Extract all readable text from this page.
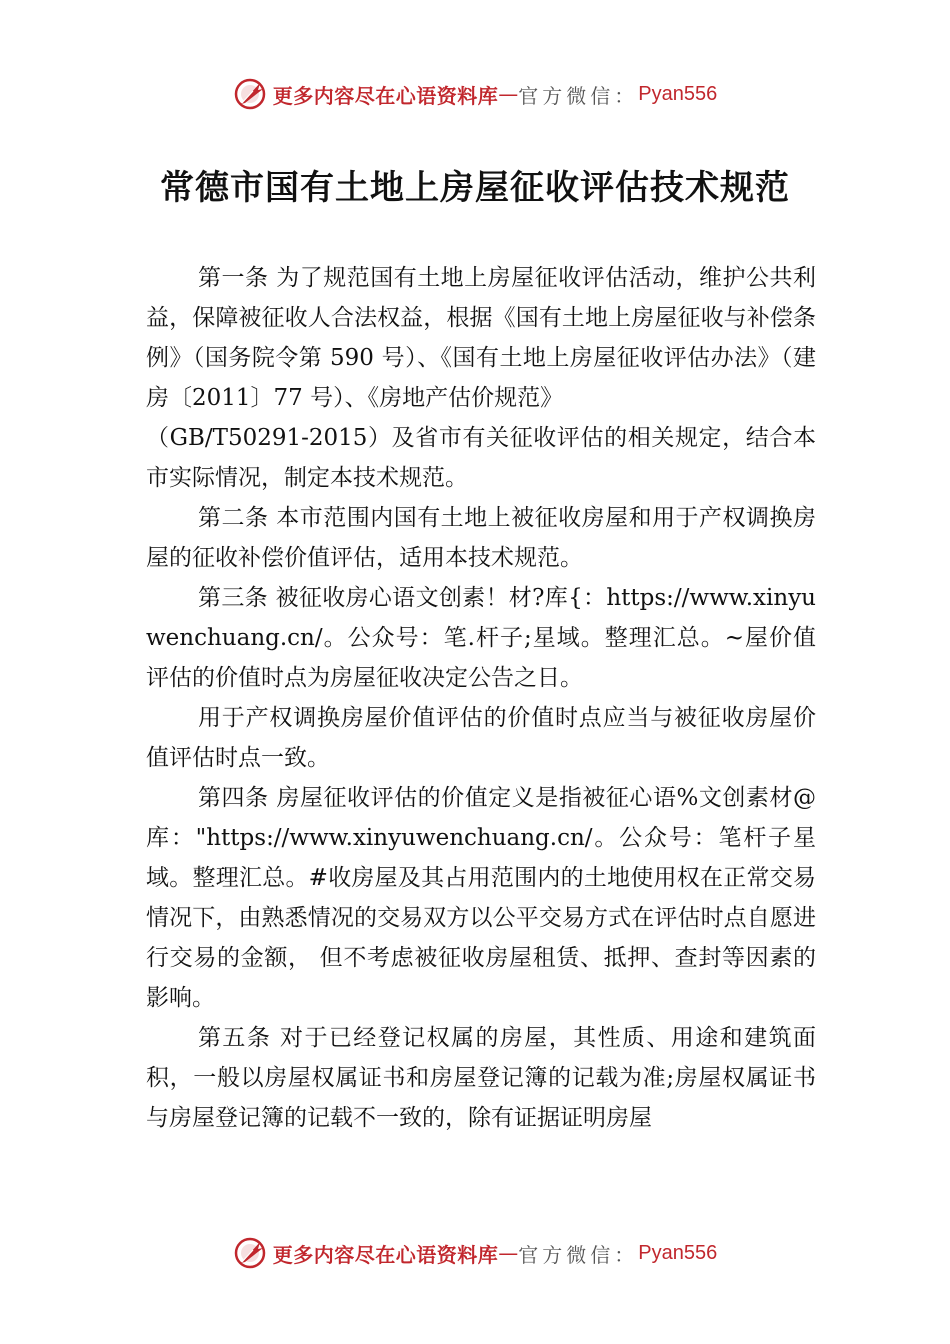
更多内容尽在心语资料库 — 官方微信： Pyan556
常德市国有土地上房屋征收评估技术规范

第一条 为了规范国有土地上房屋征收评估活动，维护公共利益，保障被征收人合法权益，根据《国有土地上房屋征收与补偿条例》（国务院令第 590 号）、《国有土地上房屋征收评估办法》（建房〔2011〕77 号）、《房地产估价规范》

（GB/T50291-2015）及省市有关征收评估的相关规定，结合本市实际情况，制定本技术规范。

第二条 本市范围内国有土地上被征收房屋和用于产权调换房屋的征收补偿价值评估，适用本技术规范。

第三条 被征收房心语文创素！材?库{：https://www.xinyuwenchuang.cn/。公众号：笔.杆子;星域。整理汇总。~屋价值评估的价值时点为房屋征收决定公告之日。

用于产权调换房屋价值评估的价值时点应当与被征收房屋价值评估时点一致。

第四条 房屋征收评估的价值定义是指被征心语%文创素材@库："https://www.xinyuwenchuang.cn/。公众号：笔杆子星域。整理汇总。#收房屋及其占用范围内的土地使用权在正常交易情况下，由熟悉情况的交易双方以公平交易方式在评估时点自愿进行交易的金额， 但不考虑被征收房屋租赁、抵押、查封等因素的影响。

第五条 对于已经登记权属的房屋，其性质、用途和建筑面积，一般以房屋权属证书和房屋登记簿的记载为准;房屋权属证书与房屋登记簿的记载不一致的，除有证据证明房屋

更多内容尽在心语资料库 — 官方微信： Pyan556
